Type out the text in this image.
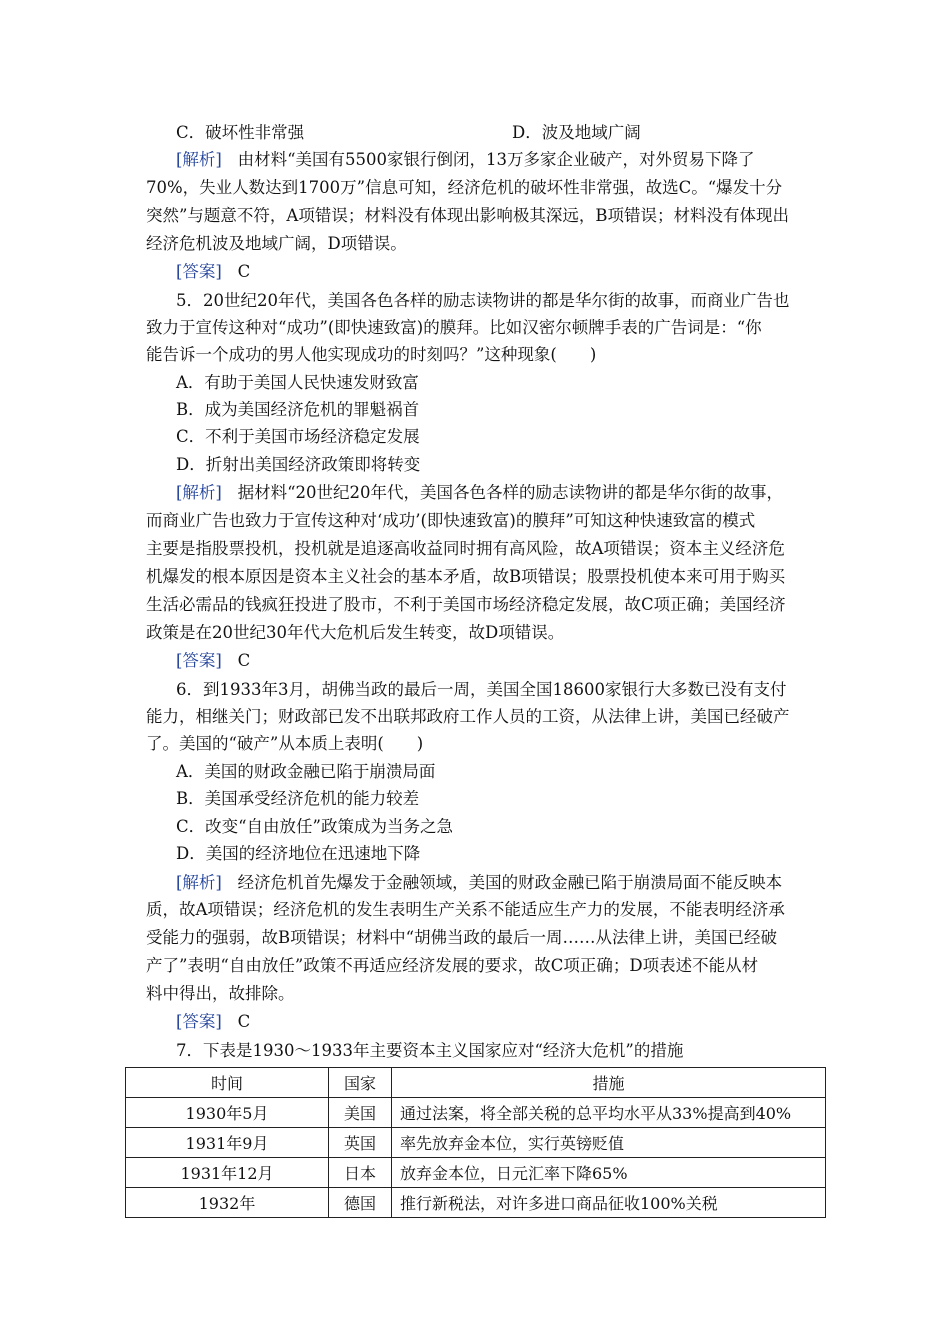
C．破坏性非常强	D．波及地域广阔
[解析] 由材料“美国有5500家银行倒闭，13万多家企业破产，对外贸易下降了
70%，失业人数达到1700万”信息可知，经济危机的破坏性非常强，故选C。“爆发十分
突然”与题意不符，A项错误；材料没有体现出影响极其深远，B项错误；材料没有体现出
经济危机波及地域广阔，D项错误。
[答案] C
5．20世纪20年代，美国各色各样的励志读物讲的都是华尔街的故事，而商业广告也
致力于宣传这种对“成功”(即快速致富)的膜拜。比如汉密尔顿牌手表的广告词是：“你
能告诉一个成功的男人他实现成功的时刻吗？”这种现象(　　)
A．有助于美国人民快速发财致富
B．成为美国经济危机的罪魁祸首
C．不利于美国市场经济稳定发展
D．折射出美国经济政策即将转变
[解析] 据材料“20世纪20年代，美国各色各样的励志读物讲的都是华尔街的故事，
而商业广告也致力于宣传这种对‘成功’(即快速致富)的膜拜”可知这种快速致富的模式
主要是指股票投机，投机就是追逐高收益同时拥有高风险，故A项错误；资本主义经济危
机爆发的根本原因是资本主义社会的基本矛盾，故B项错误；股票投机使本来可用于购买
生活必需品的钱疯狂投进了股市，不利于美国市场经济稳定发展，故C项正确；美国经济
政策是在20世纪30年代大危机后发生转变，故D项错误。
[答案] C
6．到1933年3月，胡佛当政的最后一周，美国全国18600家银行大多数已没有支付
能力，相继关门；财政部已发不出联邦政府工作人员的工资，从法律上讲，美国已经破产
了。美国的“破产”从本质上表明(　　)
A．美国的财政金融已陷于崩溃局面
B．美国承受经济危机的能力较差
C．改变“自由放任”政策成为当务之急
D．美国的经济地位在迅速地下降
[解析] 经济危机首先爆发于金融领域，美国的财政金融已陷于崩溃局面不能反映本
质，故A项错误；经济危机的发生表明生产关系不能适应生产力的发展，不能表明经济承
受能力的强弱，故B项错误；材料中“胡佛当政的最后一周……从法律上讲，美国已经破
产了”表明“自由放任”政策不再适应经济发展的要求，故C项正确；D项表述不能从材
料中得出，故排除。
[答案] C
7．下表是1930～1933年主要资本主义国家应对“经济大危机”的措施
时间	国家	措施
1930年5月	美国	通过法案，将全部关税的总平均水平从33%提高到40%
1931年9月	英国	率先放弃金本位，实行英镑贬值
1931年12月	日本	放弃金本位，日元汇率下降65%
1932年	德国	推行新税法，对许多进口商品征收100%关税
